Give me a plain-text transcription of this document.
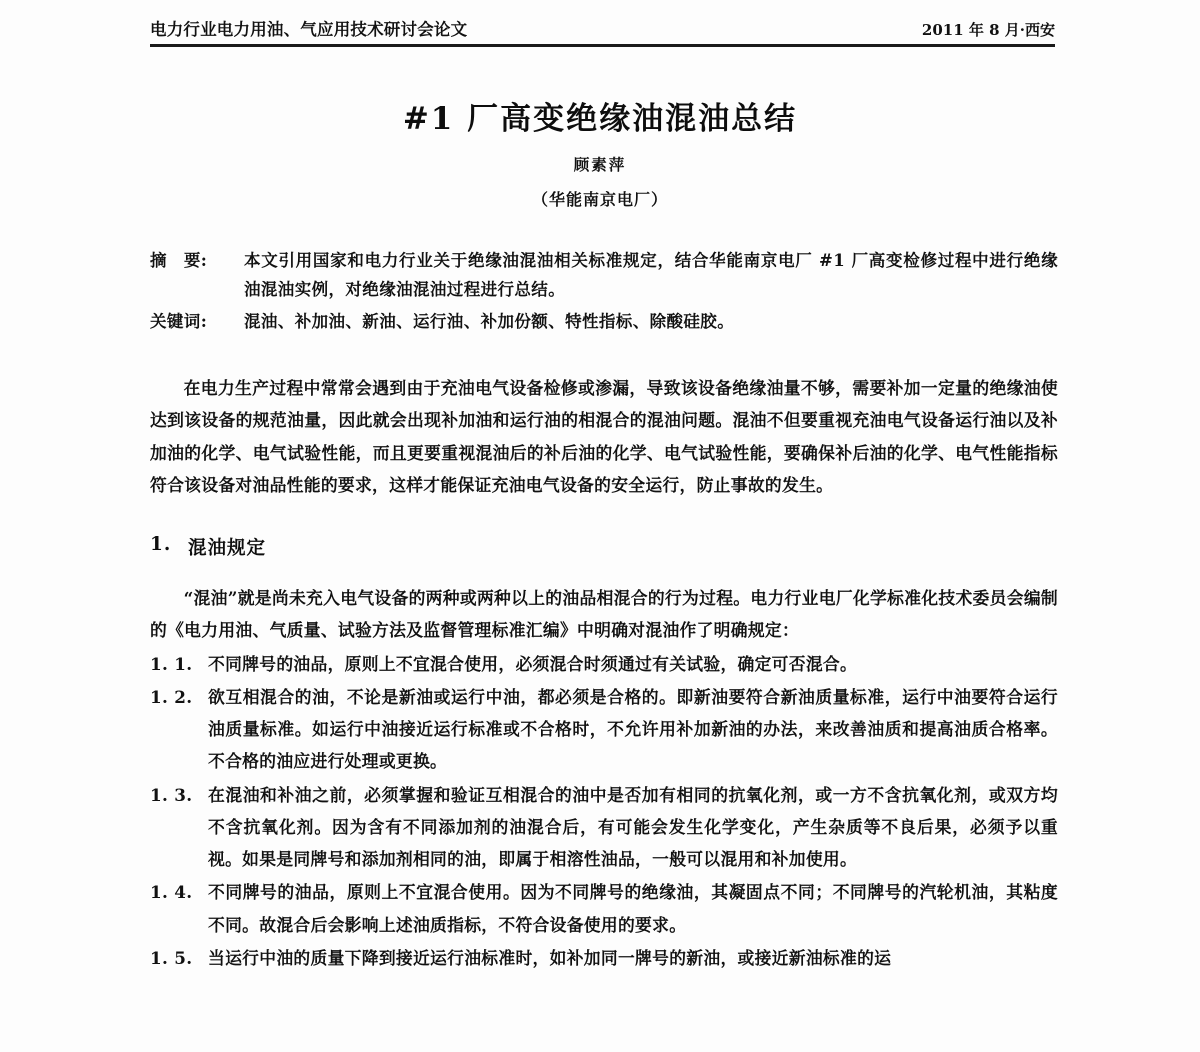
电力行业电力用油、气应用技术研讨会论文	2011 年 8 月·西安
#1 厂高变绝缘油混油总结
顾素萍
（华能南京电厂）
摘 要:	本文引用国家和电力行业关于绝缘油混油相关标准规定，结合华能南京电厂 #1 厂高变检修过程中进行绝缘油混油实例，对绝缘油混油过程进行总结。
关键词:	混油、补加油、新油、运行油、补加份额、特性指标、除酸硅胶。

在电力生产过程中常常会遇到由于充油电气设备检修或渗漏，导致该设备绝缘油量不够，需要补加一定量的绝缘油使达到该设备的规范油量，因此就会出现补加油和运行油的相混合的混油问题。混油不但要重视充油电气设备运行油以及补加油的化学、电气试验性能，而且更要重视混油后的补后油的化学、电气试验性能，要确保补后油的化学、电气性能指标符合该设备对油品性能的要求，这样才能保证充油电气设备的安全运行，防止事故的发生。

1. 混油规定

“混油”就是尚未充入电气设备的两种或两种以上的油品相混合的行为过程。电力行业电厂化学标准化技术委员会编制的《电力用油、气质量、试验方法及监督管理标准汇编》中明确对混油作了明确规定：

1. 1. 不同牌号的油品，原则上不宜混合使用，必须混合时须通过有关试验，确定可否混合。
1. 2. 欲互相混合的油，不论是新油或运行中油，都必须是合格的。即新油要符合新油质量标准，运行中油要符合运行油质量标准。如运行中油接近运行标准或不合格时，不允许用补加新油的办法，来改善油质和提高油质合格率。不合格的油应进行处理或更换。
1. 3. 在混油和补油之前，必须掌握和验证互相混合的油中是否加有相同的抗氧化剂，或一方不含抗氧化剂，或双方均不含抗氧化剂。因为含有不同添加剂的油混合后，有可能会发生化学变化，产生杂质等不良后果，必须予以重视。如果是同牌号和添加剂相同的油，即属于相溶性油品，一般可以混用和补加使用。
1. 4. 不同牌号的油品，原则上不宜混合使用。因为不同牌号的绝缘油，其凝固点不同；不同牌号的汽轮机油，其粘度不同。故混合后会影响上述油质指标，不符合设备使用的要求。
1. 5. 当运行中油的质量下降到接近运行油标准时，如补加同一牌号的新油，或接近新油标准的运
